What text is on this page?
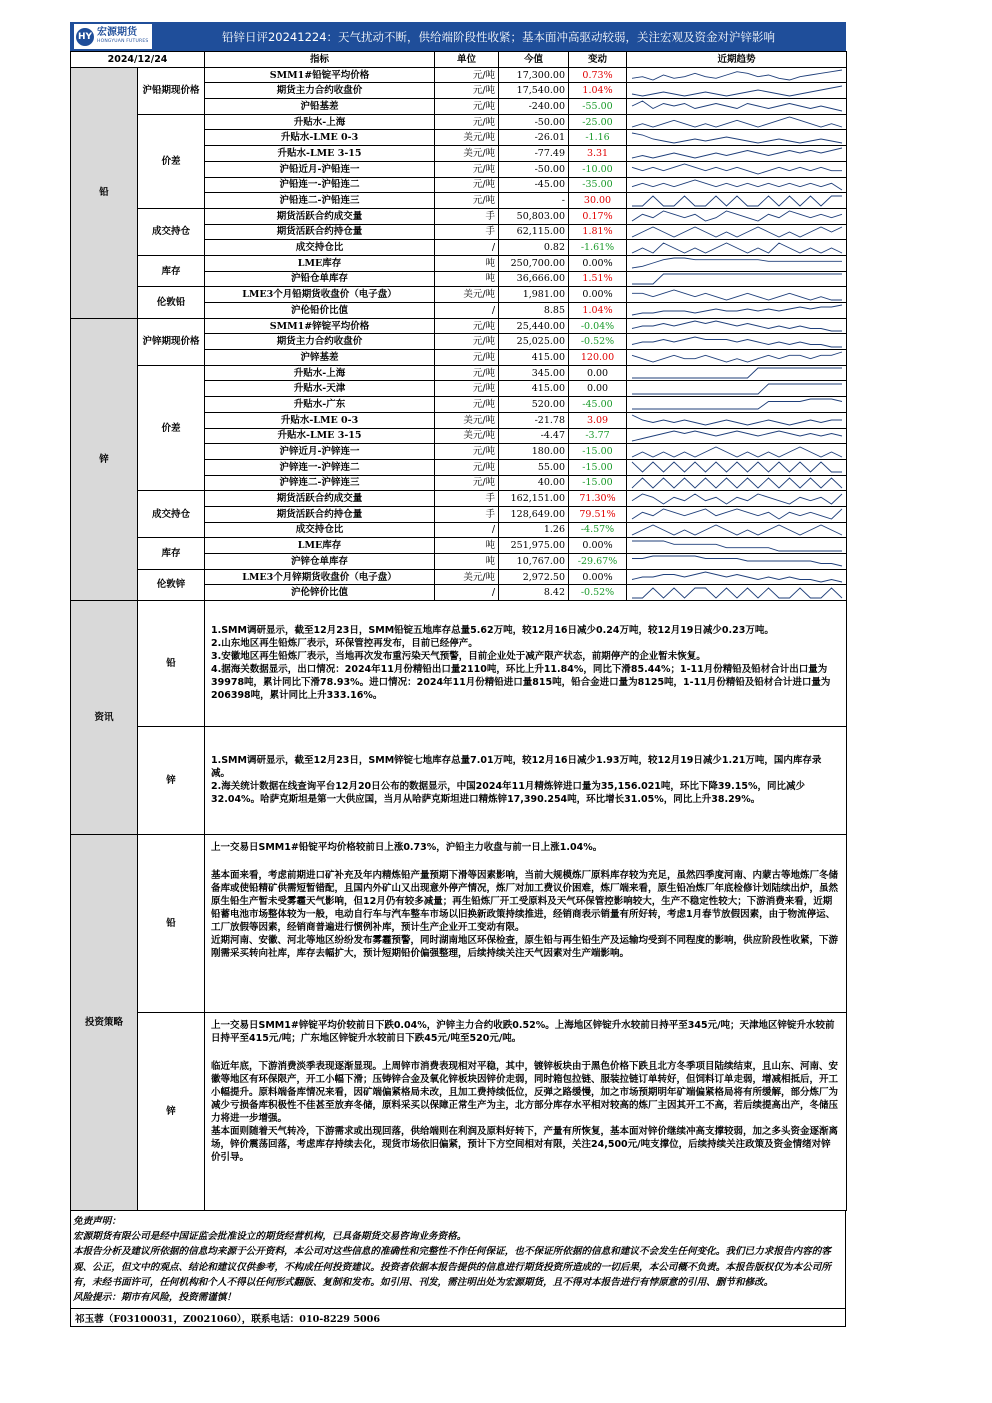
HY 宏源期货
HONGYUAN FUTURES	铅锌日评20241224：天气扰动不断，供给端阶段性收紧；基本面冲高驱动较弱，关注宏观及资金对沪锌影响
2024/12/24		指标	单位	今值	变动	近期趋势
铅	沪铅期现价格	SMM1#铅锭平均价格	元/吨	17,300.00	0.73%	

		期货主力合约收盘价	元/吨	17,540.00	1.04%	

		沪铅基差	元/吨	-240.00	-55.00	

	价差	升贴水-上海	元/吨	-50.00	-25.00	

		升贴水-LME 0-3	美元/吨	-26.01	-1.16	

		升贴水-LME 3-15	美元/吨	-77.49	3.31	

		沪铅近月-沪铅连一	元/吨	-50.00	-10.00	

		沪铅连一-沪铅连二	元/吨	-45.00	-35.00	

		沪铅连二-沪铅连三	元/吨	-	30.00	

	成交持仓	期货活跃合约成交量	手	50,803.00	0.17%	

		期货活跃合约持仓量	手	62,115.00	1.81%	

		成交持仓比	/	0.82	-1.61%	

	库存	LME库存	吨	250,700.00	0.00%	

		沪铅仓单库存	吨	36,666.00	1.51%	

	伦敦铅	LME3个月铅期货收盘价（电子盘）	美元/吨	1,981.00	0.00%	

		沪伦铅价比值	/	8.85	1.04%	

锌	沪锌期现价格	SMM1#锌锭平均价格	元/吨	25,440.00	-0.04%	

		期货主力合约收盘价	元/吨	25,025.00	-0.52%	

		沪锌基差	元/吨	415.00	120.00	

	价差	升贴水-上海	元/吨	345.00	0.00	

		升贴水-天津	元/吨	415.00	0.00	

		升贴水-广东	元/吨	520.00	-45.00	

		升贴水-LME 0-3	美元/吨	-21.78	3.09	

		升贴水-LME 3-15	美元/吨	-4.47	-3.77	

		沪锌近月-沪锌连一	元/吨	180.00	-15.00	

		沪锌连一-沪锌连二	元/吨	55.00	-15.00	

		沪锌连二-沪锌连三	元/吨	40.00	-15.00	

	成交持仓	期货活跃合约成交量	手	162,151.00	71.30%	

		期货活跃合约持仓量	手	128,649.00	79.51%	

		成交持仓比	/	1.26	-4.57%	

	库存	LME库存	吨	251,975.00	0.00%	

		沪锌仓单库存	吨	10,767.00	-29.67%	

	伦敦锌	LME3个月锌期货收盘价（电子盘）	美元/吨	2,972.50	0.00%	

		沪伦锌价比值	/	8.42	-0.52%	
资讯	铅	1.SMM调研显示，截至12月23日，SMM铅锭五地库存总量5.62万吨，较12月16日减少0.24万吨，较12月19日减少0.23万吨。

2.山东地区再生铅炼厂表示，环保管控再发布，目前已经停产。

3.安徽地区再生铅炼厂表示，当地再次发布重污染天气预警，目前企业处于减产限产状态，前期停产的企业暂未恢复。

4.据海关数据显示，出口情况：2024年11月份精铅出口量2110吨，环比上升11.84%，同比下滑85.44%；1-11月份精铅及铅材合计出口量为39978吨，累计同比下滑78.93%。进口情况：2024年11月份精铅进口量815吨，铅合金进口量为8125吨，1-11月份精铅及铅材合计进口量为206398吨，累计同比上升333.16%。

	锌	1.SMM调研显示，截至12月23日，SMM锌锭七地库存总量7.01万吨，较12月16日减少1.93万吨，较12月19日减少1.21万吨，国内库存录减。

2.海关统计数据在线查询平台12月20日公布的数据显示，中国2024年11月精炼锌进口量为35,156.021吨，环比下降39.15%，同比减少32.04%。哈萨克斯坦是第一大供应国，当月从哈萨克斯坦进口精炼锌17,390.254吨，环比增长31.05%，同比上升38.29%。

投资策略	铅	上一交易日SMM1#铅锭平均价格较前日上涨0.73%，沪铅主力收盘与前一日上涨1.04%。

基本面来看，考虑前期进口矿补充及年内精炼铅产量预期下滑等因素影响，当前大规模炼厂原料库存较为充足，虽然四季度河南、内蒙古等地炼厂冬储备库或使铅精矿供需短暂错配，且国内外矿山又出现意外停产情况，炼厂对加工费议价困难，炼厂端来看，原生铅冶炼厂年底检修计划陆续出炉，虽然原生铅生产暂未受雾霾天气影响，但12月仍有较多减量；再生铅炼厂开工受原料及天气环保管控影响较大，生产不稳定性较大；下游消费来看，近期铅蓄电池市场整体较为一般，电动自行车与汽车整车市场以旧换新政策持续推进，经销商表示销量有所好转，考虑1月春节放假因素，由于物流停运、工厂放假等因素，经销商普遍进行惯例补库，预计生产企业开工变动有限。

近期河南、安徽、河北等地区纷纷发布雾霾预警，同时湖南地区环保检查，原生铅与再生铅生产及运输均受到不同程度的影响，供应阶段性收紧，下游刚需采买转向社库，库存去幅扩大，预计短期铅价偏强整理，后续持续关注天气因素对生产端影响。

	锌	上一交易日SMM1#锌锭平均价较前日下跌0.04%，沪锌主力合约收跌0.52%。上海地区锌锭升水较前日持平至345元/吨；天津地区锌锭升水较前日持平至415元/吨；广东地区锌锭升水较前日下跌45元/吨至520元/吨。

临近年底，下游消费淡季表现逐渐显现。上周锌市消费表现相对平稳，其中，镀锌板块由于黑色价格下跌且北方冬季项目陆续结束，且山东、河南、安徽等地区有环保限产，开工小幅下滑；压铸锌合金及氧化锌板块因锌价走弱，同时箱包拉链、服装拉链订单转好，但饲料订单走弱，增减相抵后，开工小幅提升。原料端备库情况来看，因矿端偏紧格局未改，且加工费持续低位，反弹之路缓慢，加之市场预期明年矿端偏紧格局将有所缓解，部分炼厂为减少亏损备库积极性不佳甚至放弃冬储，原料采买以保障正常生产为主，北方部分库存水平相对较高的炼厂主因其开工不高，若后续提高出产，冬储压力将进一步增强。

基本面则随着天气转冷，下游需求或出现回落，供给端则在利润及原料好转下，产量有所恢复，基本面对锌价继续冲高支撑较弱，加之多头资金逐渐离场，锌价震荡回落，考虑库存持续去化，现货市场依旧偏紧，预计下方空间相对有限，关注24,500元/吨支撑位，后续持续关注政策及资金情绪对锌价引导。

免责声明：
宏源期货有限公司是经中国证监会批准设立的期货经营机构，已具备期货交易咨询业务资格。
本报告分析及建议所依据的信息均来源于公开资料，本公司对这些信息的准确性和完整性不作任何保证，也不保证所依据的信息和建议不会发生任何变化。我们已力求报告内容的客观、公正，但文中的观点、结论和建议仅供参考，不构成任何投资建议。投资者依据本报告提供的信息进行期货投资所造成的一切后果，本公司概不负责。本报告版权仅为本公司所有，未经书面许可，任何机构和个人不得以任何形式翻版、复制和发布。如引用、刊发，需注明出处为宏源期货，且不得对本报告进行有悖原意的引用、删节和修改。
风险提示：期市有风险，投资需谨慎！
祁玉蓉（F03100031，Z0021060），联系电话：010-8229 5006
